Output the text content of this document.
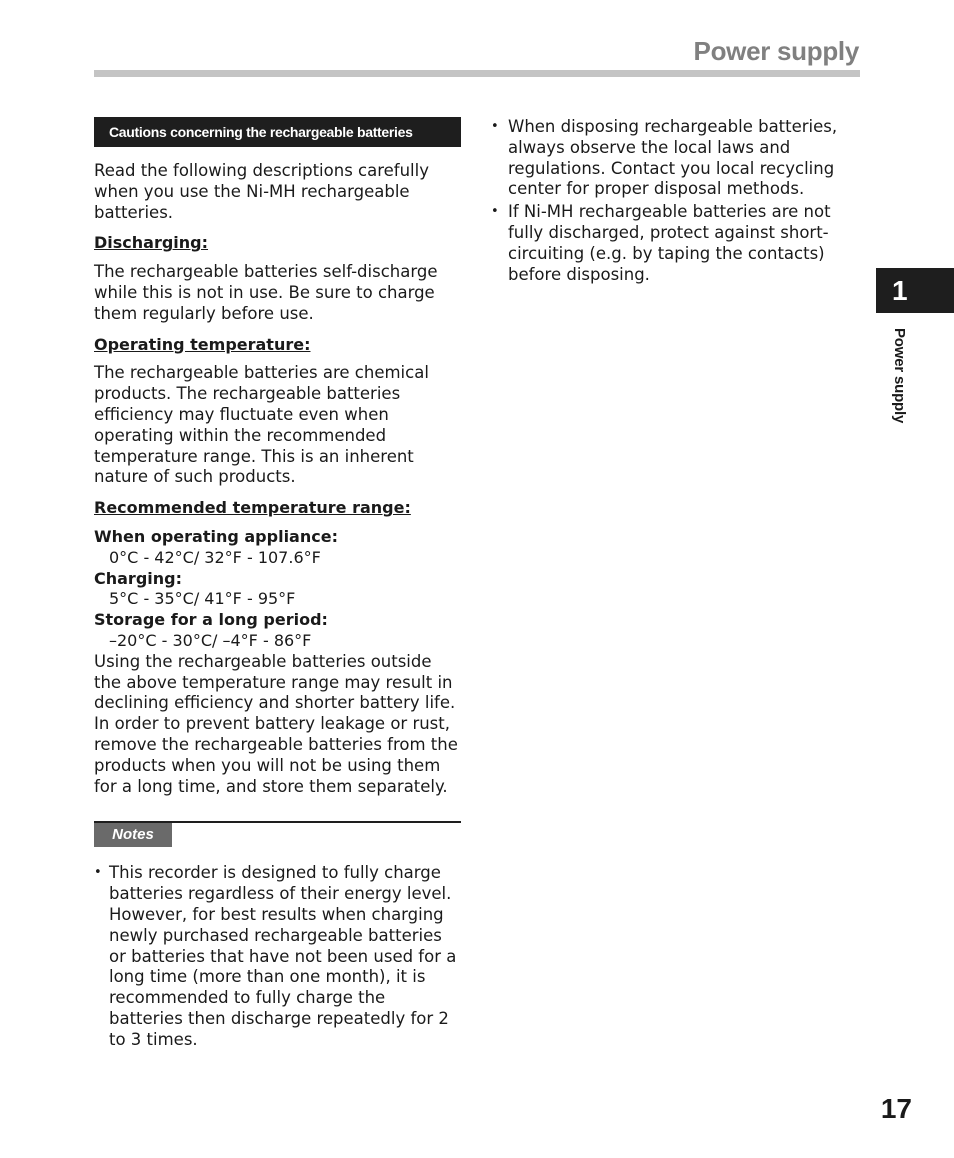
Power supply
Cautions concerning the rechargeable batteries

Read the following descriptions carefully when you use the Ni-MH rechargeable batteries.

Discharging:

The rechargeable batteries self-discharge while this is not in use. Be sure to charge them regularly before use.

Operating temperature:

The rechargeable batteries are chemical products. The rechargeable batteries efficiency may fluctuate even when operating within the recommended temperature range. This is an inherent nature of such products.

Recommended temperature range:
When operating appliance:
0°C - 42°C/ 32°F - 107.6°F
Charging:
5°C - 35°C/ 41°F - 95°F
Storage for a long period:
–20°C - 30°C/ –4°F - 86°F

Using the rechargeable batteries outside the above temperature range may result in declining efficiency and shorter battery life. In order to prevent battery leakage or rust, remove the rechargeable batteries from the products when you will not be using them for a long time, and store them separately.

Notes
• This recorder is designed to fully charge batteries regardless of their energy level. However, for best results when charging newly purchased rechargeable batteries or batteries that have not been used for a long time (more than one month), it is recommended to fully charge the batteries then discharge repeatedly for 2 to 3 times.
• When disposing rechargeable batteries, always observe the local laws and regulations. Contact you local recycling center for proper disposal methods.
• If Ni-MH rechargeable batteries are not fully discharged, protect against short-circuiting (e.g. by taping the contacts) before disposing.
1
Power supply
17
